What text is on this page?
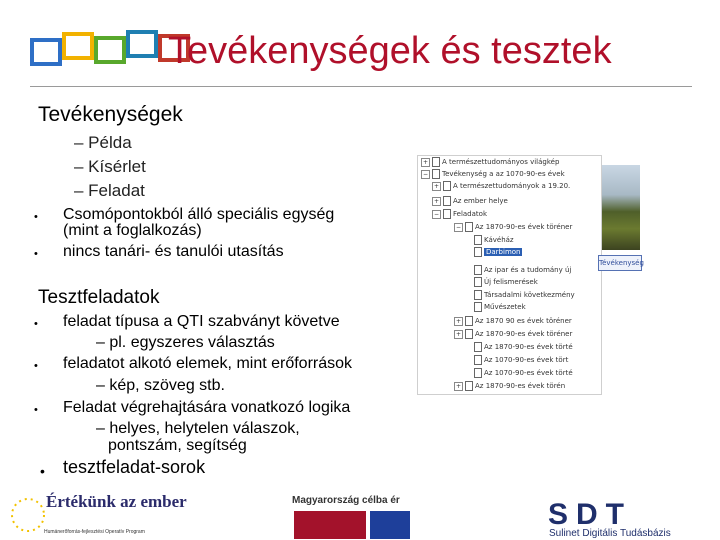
Tevékenységek és tesztek
Tevékenységek
– Példa
– Kísérlet
– Feladat
• Csomópontokból álló speciális egység
(mint a foglalkozás)
• nincs tanári- és tanulói utasítás
Tesztfeladatok
• feladat típusa a QTI szabványt követve
– pl. egyszeres választás
• feladatot alkotó elemek, mint erőforrások
– kép, szöveg stb.
• Feladat végrehajtására vonatkozó logika
– helyes, helytelen válaszok,
pontszám, segítség
• tesztfeladat-sorok
+ A természettudományos világkép
− Tevékenység a az 1070-90-es évek
+ A természettudományok a 19.20.
+ Az ember helye
− Feladatok
− Az 1870-90-es évek töréner
Kávéház
Darbimon
Az ipar és a tudomány új
Új felismerések
Társadalmi következmény
Művészetek
+ Az 1870 90 es évek töréner
+ Az 1870-90-es évek töréner
Az 1870-90-es évek törté
Az 1070-90-es évek tört
Az 1070-90-es évek törté
+ Az 1870-90-es évek törén
Tévékenység
Értékünk az ember
Humánerőforrás-fejlesztési Operatív Program
Magyarország célba ér	SDT
Sulinet Digitális Tudásbázis
